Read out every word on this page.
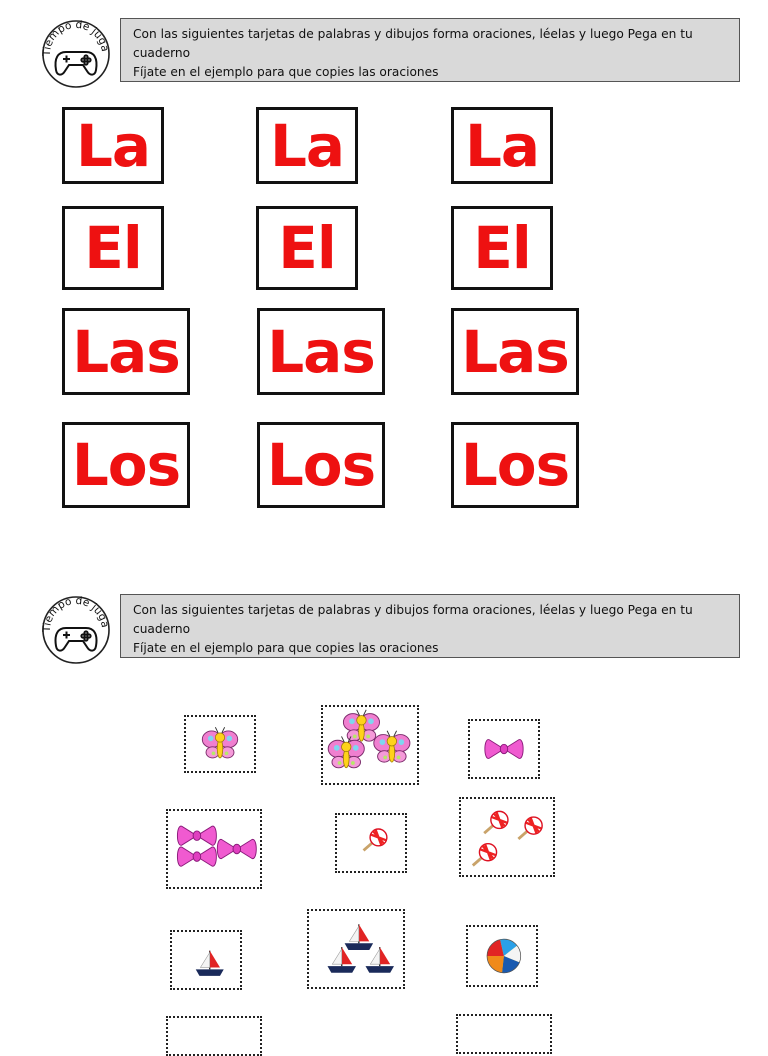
Tiempo de juga
Con las siguientes tarjetas de palabras y dibujos forma oraciones, léelas y luego Pega en tu
cuaderno
Fíjate en el ejemplo para que copies las oraciones
La La La
El	El	El
Las Las Las
Los Los Los
Tiempo de juga
Con las siguientes tarjetas de palabras y dibujos forma oraciones, léelas y luego Pega en tu
cuaderno
Fíjate en el ejemplo para que copies las oraciones
